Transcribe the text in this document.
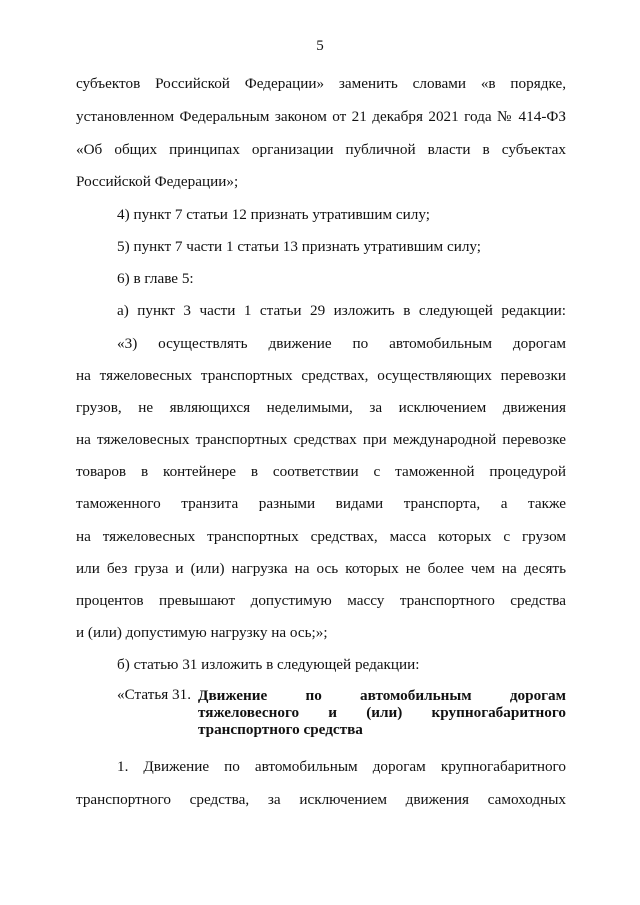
5
субъектов Российской Федерации» заменить словами «в порядке,
установленном Федеральным законом от 21 декабря 2021 года № 414-ФЗ
«Об общих принципах организации публичной власти в субъектах
Российской Федерации»;
4) пункт 7 статьи 12 признать утратившим силу;
5) пункт 7 части 1 статьи 13 признать утратившим силу;
6) в главе 5:
а) пункт 3 части 1 статьи 29 изложить в следующей редакции:
«3) осуществлять движение по автомобильным дорогам
на тяжеловесных транспортных средствах, осуществляющих перевозки
грузов, не являющихся неделимыми, за исключением движения
на тяжеловесных транспортных средствах при международной перевозке
товаров в контейнере в соответствии с таможенной процедурой
таможенного транзита разными видами транспорта, а также
на тяжеловесных транспортных средствах, масса которых с грузом
или без груза и (или) нагрузка на ось которых не более чем на десять
процентов превышают допустимую массу транспортного средства
и (или) допустимую нагрузку на ось;»;
б) статью 31 изложить в следующей редакции:
«Статья 31. Движение по автомобильным дорогам
тяжеловесного и (или) крупногабаритного
транспортного средства
1. Движение по автомобильным дорогам крупногабаритного
транспортного средства, за исключением движения самоходных
